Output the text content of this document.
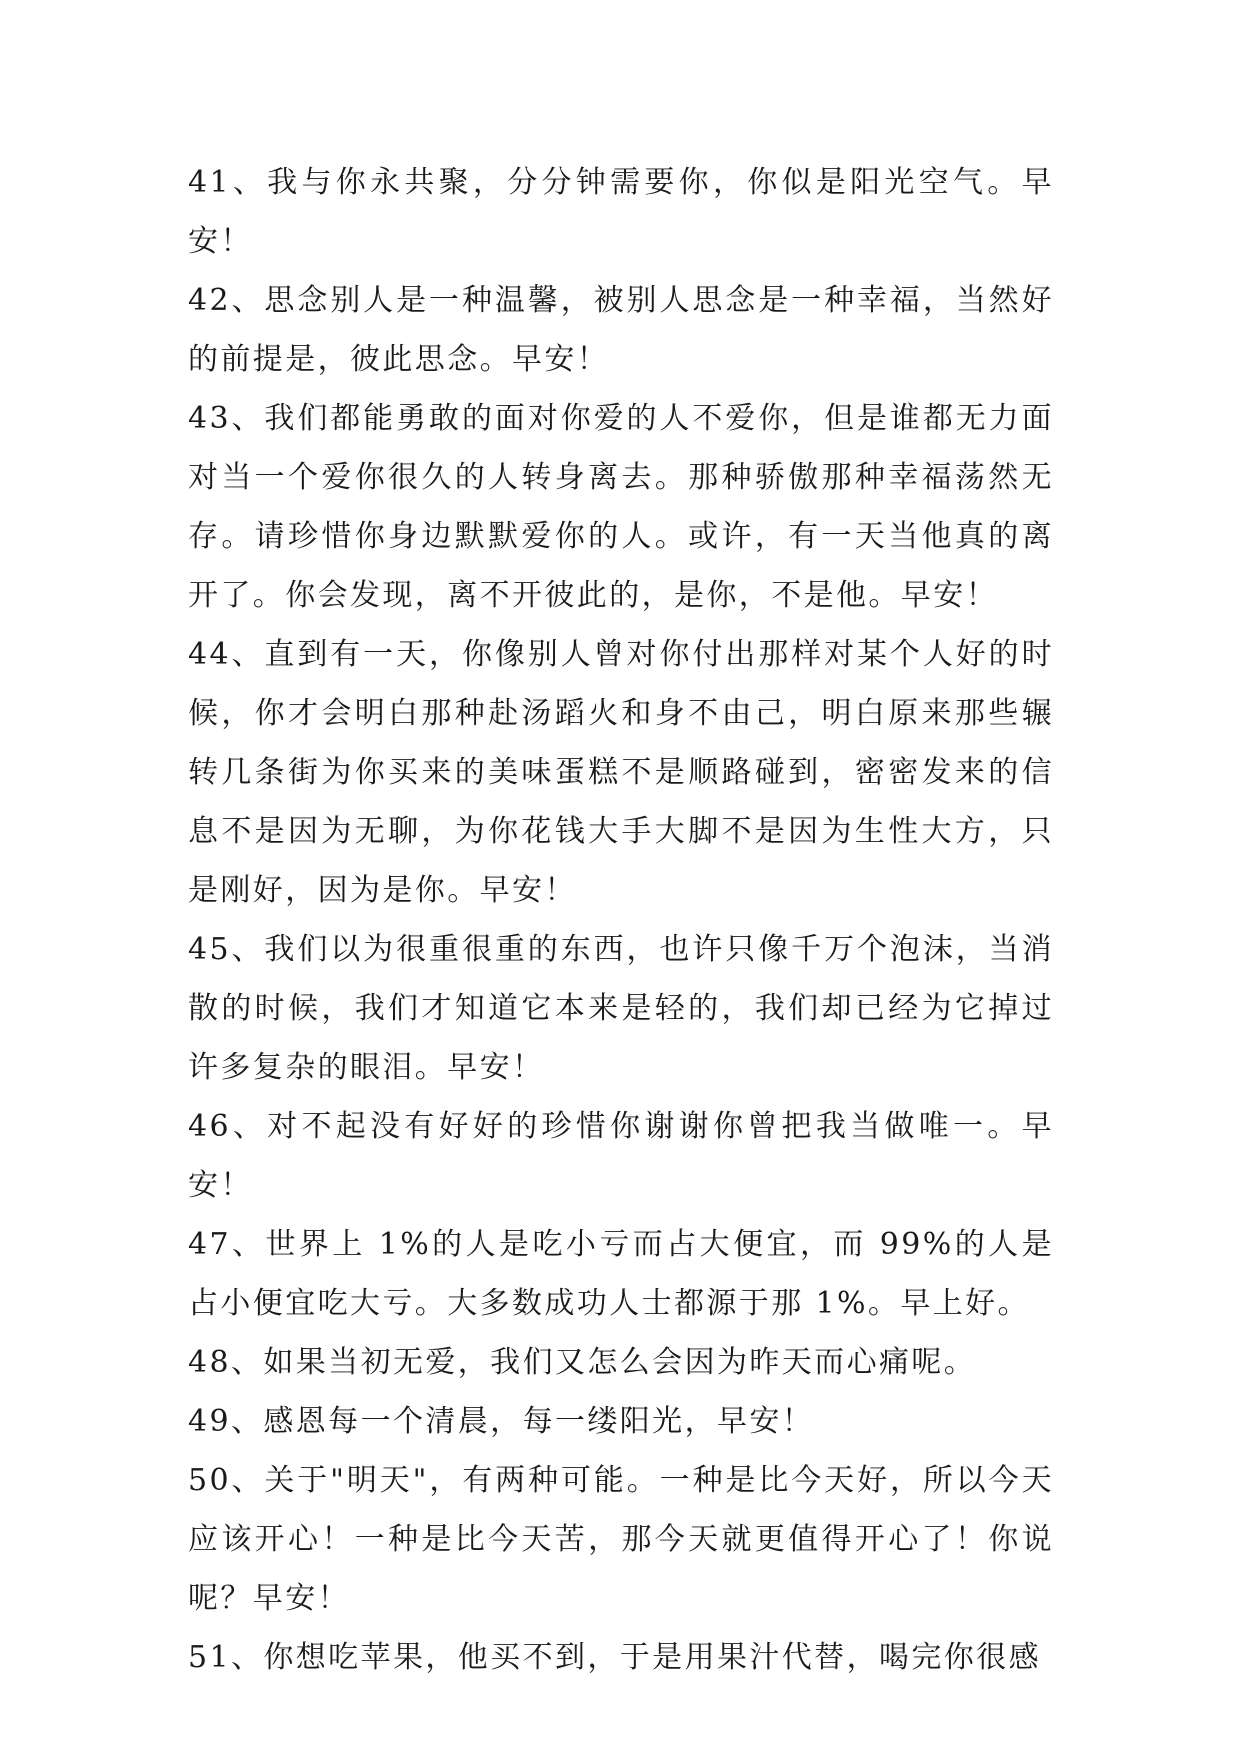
41、我与你永共聚，分分钟需要你，你似是阳光空气。早安！

42、思念别人是一种温馨，被别人思念是一种幸福，当然好的前提是，彼此思念。早安！

43、我们都能勇敢的面对你爱的人不爱你，但是谁都无力面对当一个爱你很久的人转身离去。那种骄傲那种幸福荡然无存。请珍惜你身边默默爱你的人。或许，有一天当他真的离开了。你会发现，离不开彼此的，是你，不是他。早安！

44、直到有一天，你像别人曾对你付出那样对某个人好的时候，你才会明白那种赴汤蹈火和身不由己，明白原来那些辗转几条街为你买来的美味蛋糕不是顺路碰到，密密发来的信息不是因为无聊，为你花钱大手大脚不是因为生性大方，只是刚好，因为是你。早安！

45、我们以为很重很重的东西，也许只像千万个泡沫，当消散的时候，我们才知道它本来是轻的，我们却已经为它掉过许多复杂的眼泪。早安！

46、对不起没有好好的珍惜你谢谢你曾把我当做唯一。早安！

47、世界上 1%的人是吃小亏而占大便宜，而 99%的人是占小便宜吃大亏。大多数成功人士都源于那 1%。早上好。

48、如果当初无爱，我们又怎么会因为昨天而心痛呢。

49、感恩每一个清晨，每一缕阳光，早安！

50、关于"明天"，有两种可能。一种是比今天好，所以今天应该开心！一种是比今天苦，那今天就更值得开心了！你说呢？早安！

51、你想吃苹果，他买不到，于是用果汁代替，喝完你很感
